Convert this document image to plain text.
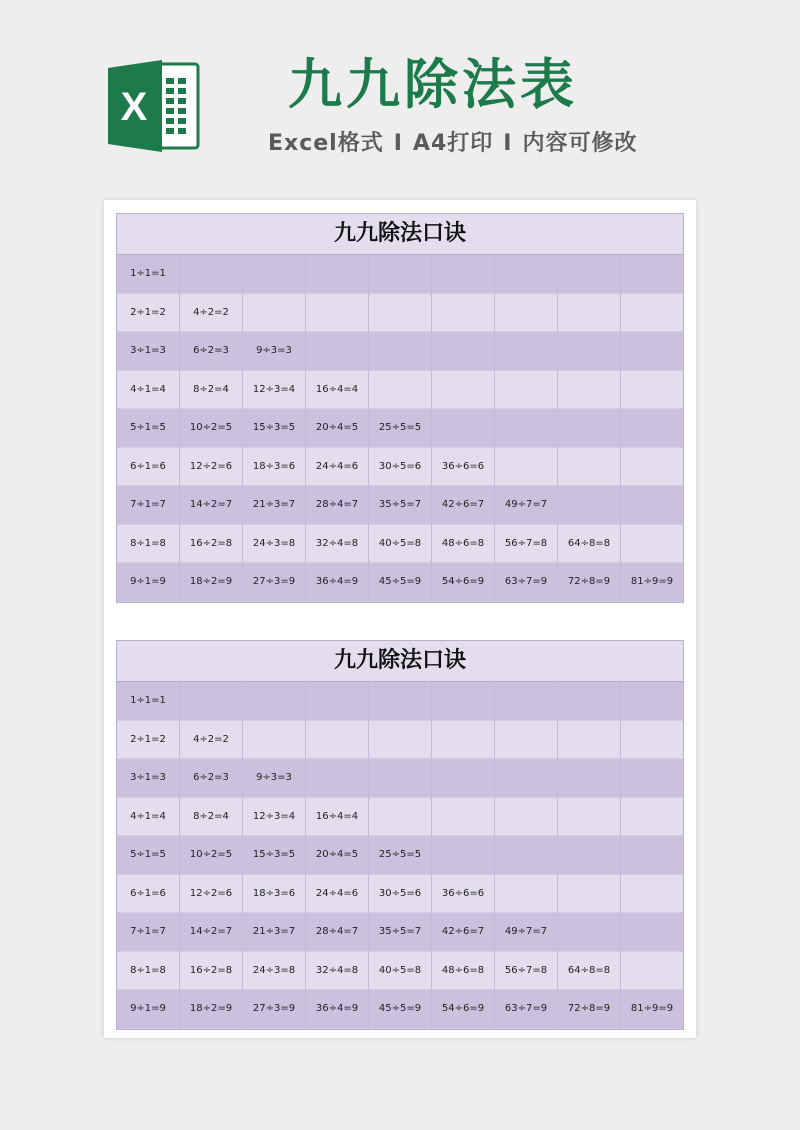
X	九九除法表
Excel格式 I A4打印 I 内容可修改
九九除法口诀
1÷1=1
2÷1=2	4÷2=2
3÷1=3	6÷2=3	9÷3=3
4÷1=4	8÷2=4	12÷3=4	16÷4=4
5÷1=5	10÷2=5	15÷3=5	20÷4=5	25÷5=5
6÷1=6	12÷2=6	18÷3=6	24÷4=6	30÷5=6	36÷6=6
7÷1=7	14÷2=7	21÷3=7	28÷4=7	35÷5=7	42÷6=7	49÷7=7
8÷1=8	16÷2=8	24÷3=8	32÷4=8	40÷5=8	48÷6=8	56÷7=8	64÷8=8
9÷1=9	18÷2=9	27÷3=9	36÷4=9	45÷5=9	54÷6=9	63÷7=9	72÷8=9	81÷9=9
九九除法口诀
1÷1=1
2÷1=2	4÷2=2
3÷1=3	6÷2=3	9÷3=3
4÷1=4	8÷2=4	12÷3=4	16÷4=4
5÷1=5	10÷2=5	15÷3=5	20÷4=5	25÷5=5
6÷1=6	12÷2=6	18÷3=6	24÷4=6	30÷5=6	36÷6=6
7÷1=7	14÷2=7	21÷3=7	28÷4=7	35÷5=7	42÷6=7	49÷7=7
8÷1=8	16÷2=8	24÷3=8	32÷4=8	40÷5=8	48÷6=8	56÷7=8	64÷8=8
9÷1=9	18÷2=9	27÷3=9	36÷4=9	45÷5=9	54÷6=9	63÷7=9	72÷8=9	81÷9=9
